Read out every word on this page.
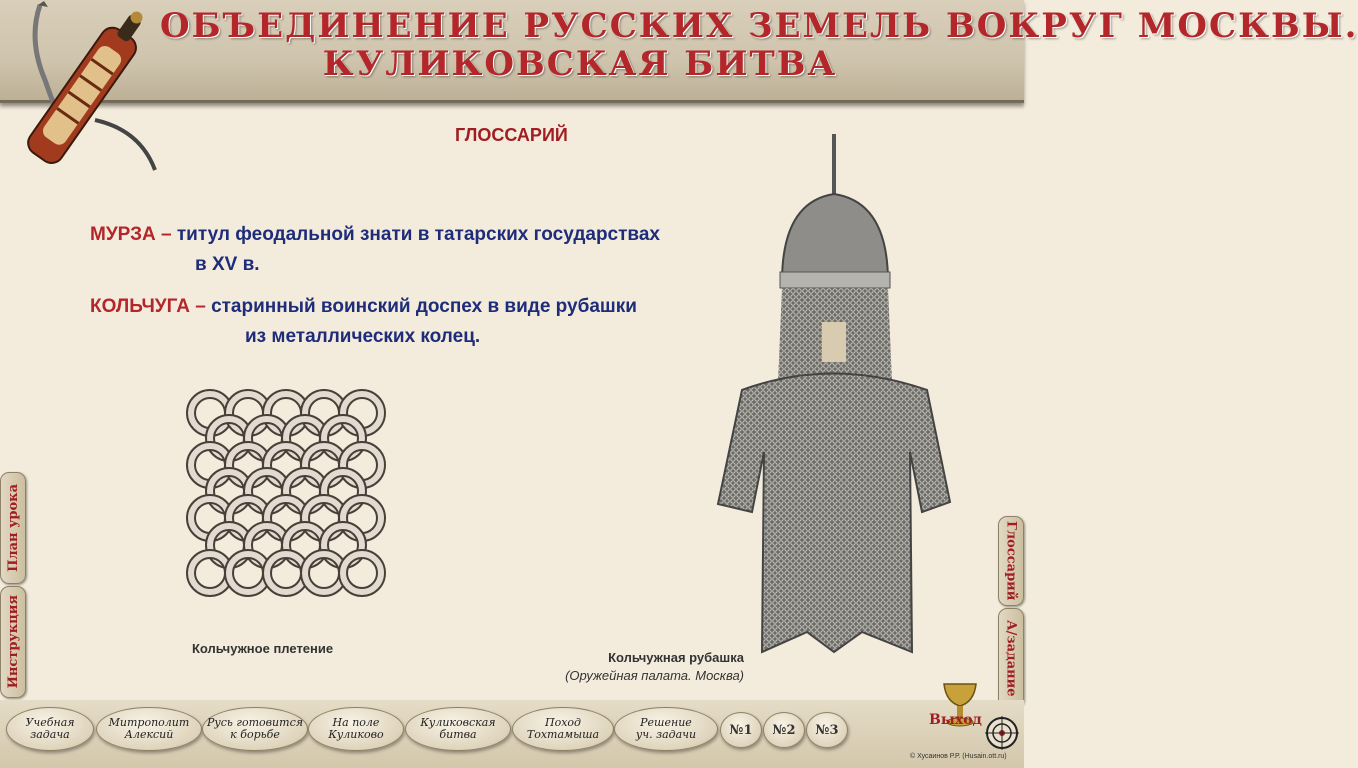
ОБЪЕДИНЕНИЕ РУССКИХ ЗЕМЕЛЬ ВОКРУГ МОСКВЫ.
КУЛИКОВСКАЯ БИТВА
ГЛОССАРИЙ
МУРЗА – титул феодальной знати в татарских государствах
в XV в.
КОЛЬЧУГА – старинный воинский доспех в виде рубашки
из металлических колец.
Кольчужное плетение
Кольчужная рубашка
(Оружейная палата. Москва)
План урока
Инструкция
Глоссарий
А/задание
Учебная
задача
Митрополит
Алексий
Русь готовится
к борьбе
На поле
Куликово
Куликовская
битва
Поход
Тохтамыша
Решение
уч. задачи	№1	№2	№3
Выход
© Хусаинов Р.Р. (Husain.ott.ru)
